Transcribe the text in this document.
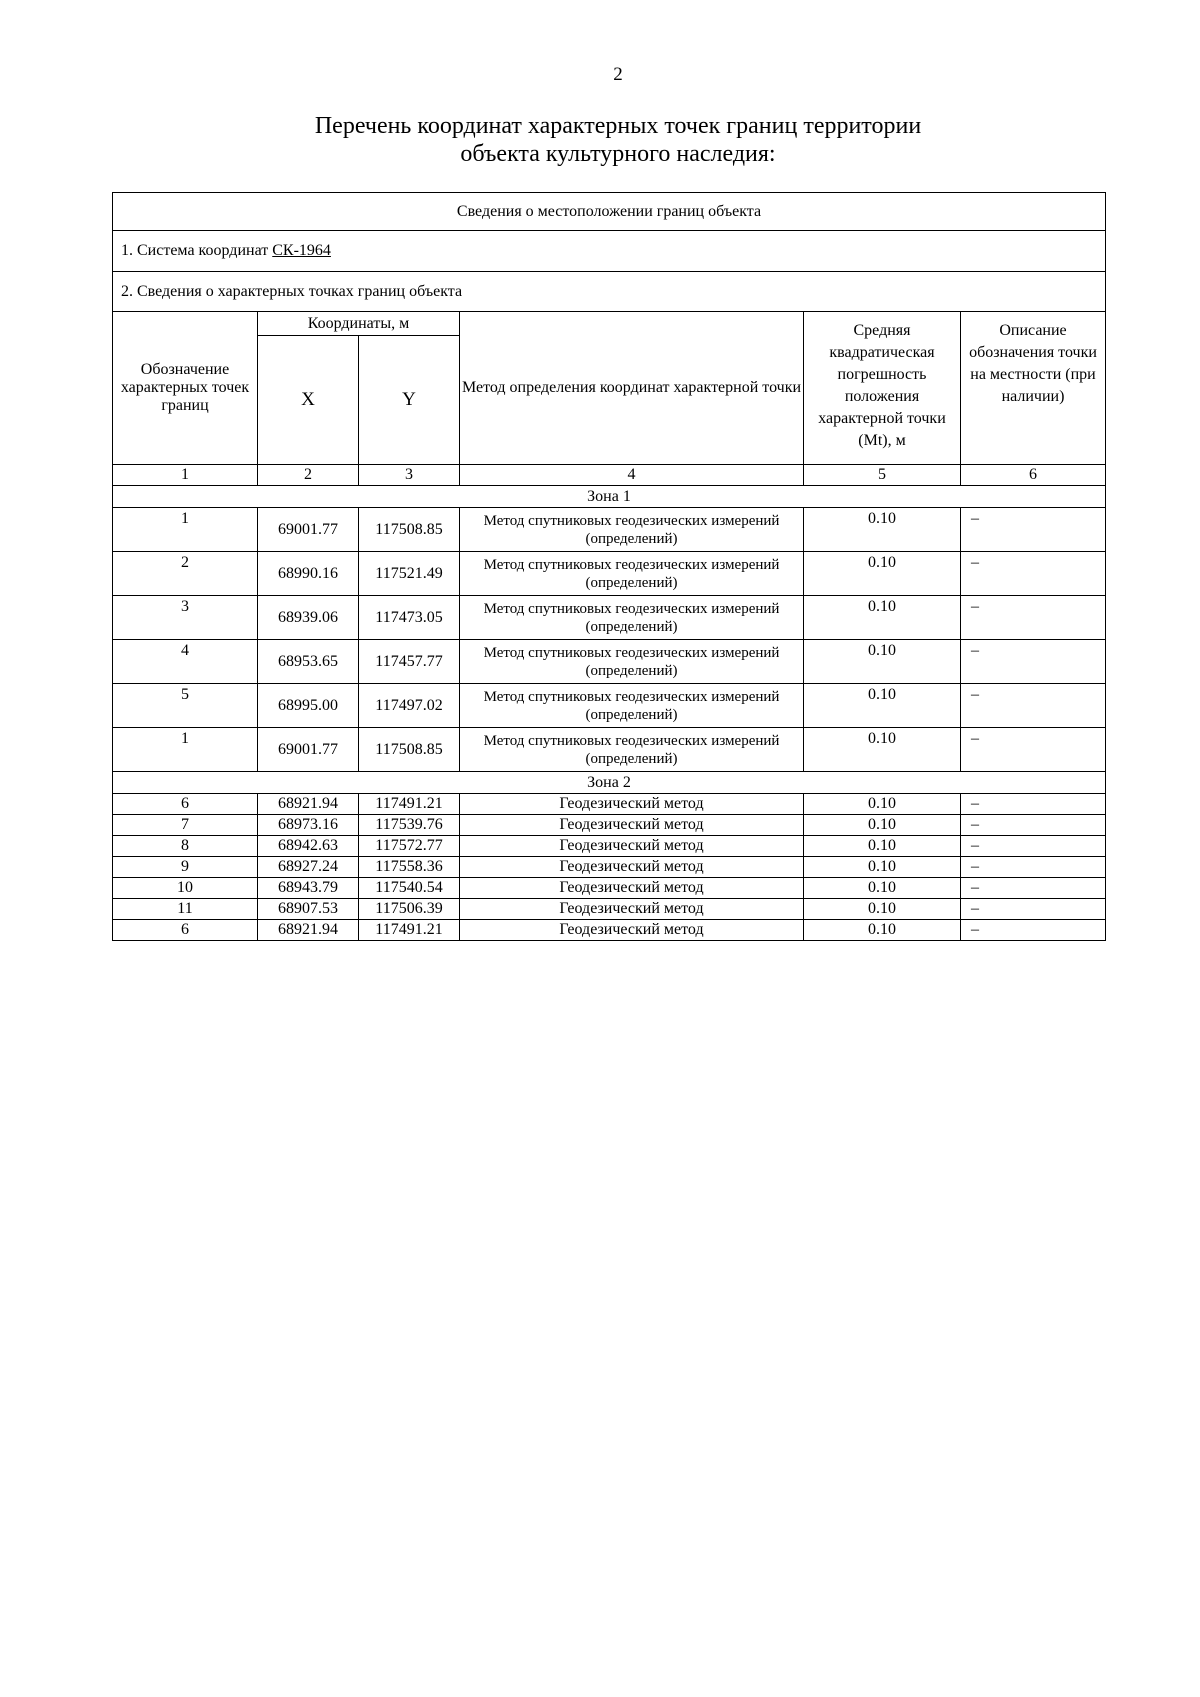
2
Перечень координат характерных точек границ территории
объекта культурного наследия:
Сведения о местоположении границ объекта					
1. Система координат СК-1964					
2. Сведения о характерных точках границ объекта					
Обозначение характерных точек границ	Координаты, м		Метод определения координат характерной точки	Средняя квадратическая погрешность положения характерной точки (Mt), м	Описание обозначения точки на местности (при наличии)
	X	Y			
1	2	3	4	5	6
Зона 1					
1	69001.77	117508.85	Метод спутниковых геодезических измерений (определений)	0.10	–
2	68990.16	117521.49	Метод спутниковых геодезических измерений (определений)	0.10	–
3	68939.06	117473.05	Метод спутниковых геодезических измерений (определений)	0.10	–
4	68953.65	117457.77	Метод спутниковых геодезических измерений (определений)	0.10	–
5	68995.00	117497.02	Метод спутниковых геодезических измерений (определений)	0.10	–
1	69001.77	117508.85	Метод спутниковых геодезических измерений (определений)	0.10	–
Зона 2					
6	68921.94	117491.21	Геодезический метод	0.10	–
7	68973.16	117539.76	Геодезический метод	0.10	–
8	68942.63	117572.77	Геодезический метод	0.10	–
9	68927.24	117558.36	Геодезический метод	0.10	–
10	68943.79	117540.54	Геодезический метод	0.10	–
11	68907.53	117506.39	Геодезический метод	0.10	–
6	68921.94	117491.21	Геодезический метод	0.10	–
